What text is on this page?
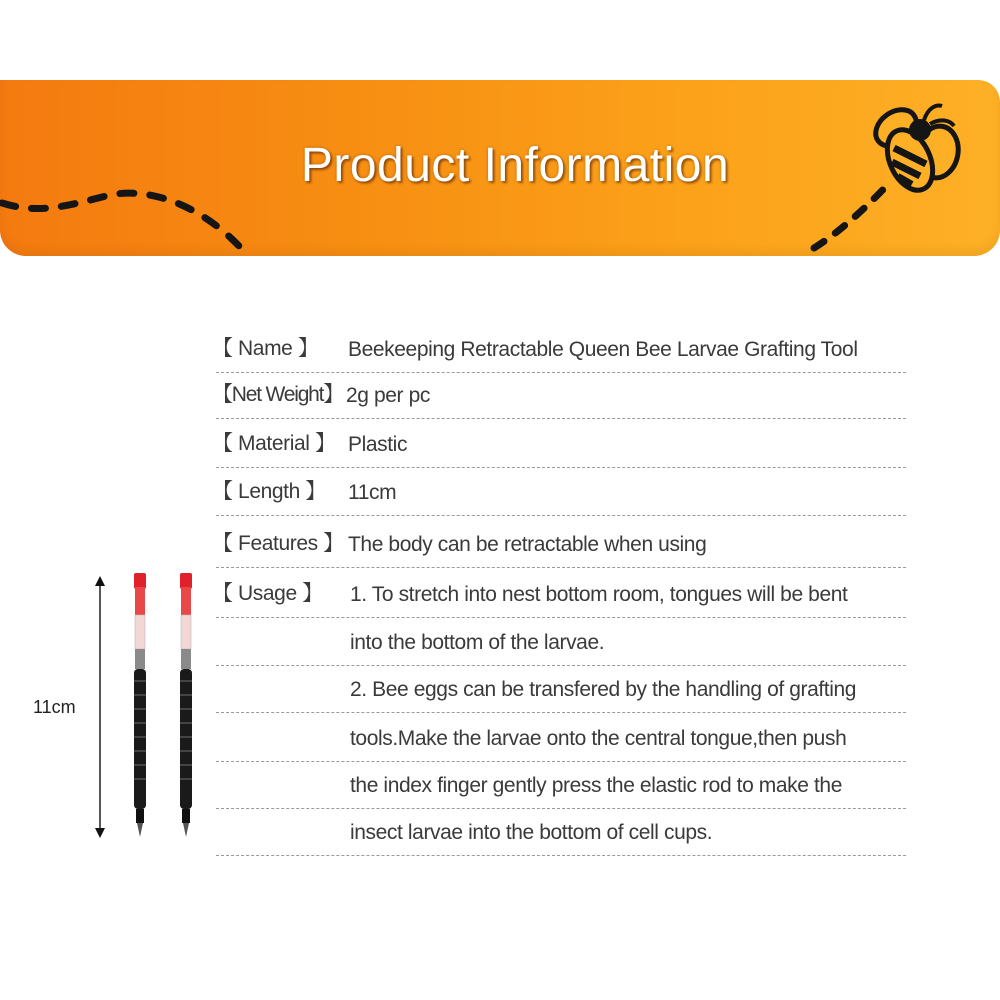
Product Information
【 Name 】 Beekeeping Retractable Queen Bee Larvae Grafting Tool
【Net Weight】 2g per pc
【 Material 】 Plastic
【 Length 】 11cm
【 Features 】 The body can be retractable when using
【 Usage 】 1. To stretch into nest bottom room, tongues will be bent
into the bottom of the larvae.
2. Bee eggs can be transfered by the handling of grafting
tools.Make the larvae onto the central tongue,then push
the index finger gently press the elastic rod to make the
insect larvae into the bottom of cell cups.
11cm
